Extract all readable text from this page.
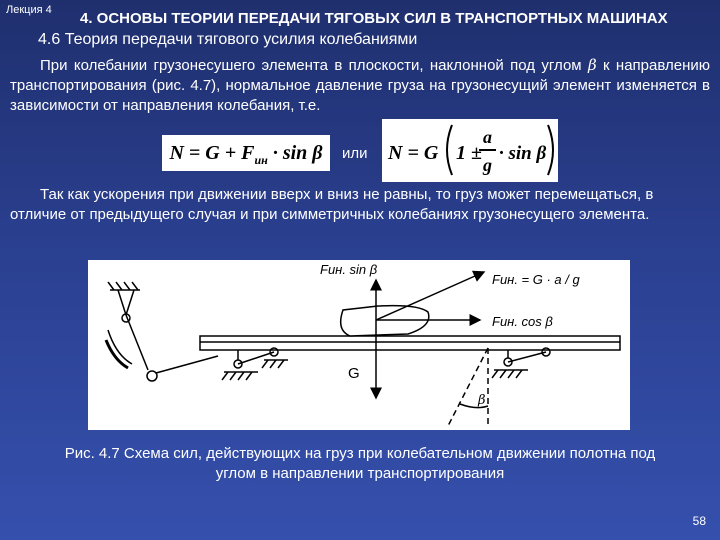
Лекция 4 4. ОСНОВЫ ТЕОРИИ ПЕРЕДАЧИ ТЯГОВЫХ СИЛ В ТРАНСПОРТНЫХ МАШИНАХ
4.6 Теория передачи тягового усилия колебаниями
При колебании грузонесушего элемента в плоскости, наклонной под углом β к направлению транспортирования (рис. 4.7), нормальное давление груза на грузонесущий элемент изменяется в зависимости от направления колебания, т.е.
$N = G + F_{ин} \cdot \sin \beta$	или N = G 1 ±
a
g
· sin β
Так как ускорения при движении вверх и вниз не равны, то груз может перемещаться, в отличие от предыдущего случая и при симметричных колебаниях грузонесущего элемента.
Fин. sin β
Fин. = G · a / g
Fин. cos β
G
β
Рис. 4.7 Схема сил, действующих на груз при колебательном движении полотна под углом в направлении транспортирования
58
